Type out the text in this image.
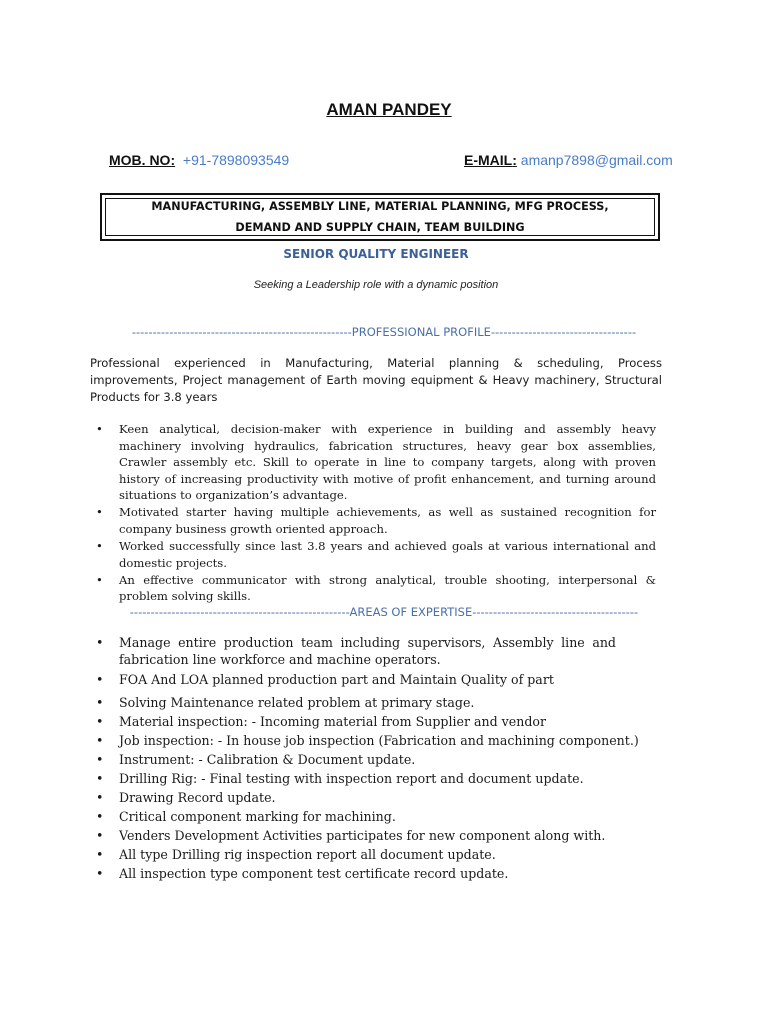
AMAN PANDEY
MOB. NO: +91-7898093549	E-MAIL: amanp7898@gmail.com
MANUFACTURING, ASSEMBLY LINE, MATERIAL PLANNING, MFG PROCESS,
DEMAND AND SUPPLY CHAIN, TEAM BUILDING
SENIOR QUALITY ENGINEER
Seeking a Leadership role with a dynamic position
-----------------------------------------------------PROFESSIONAL PROFILE-----------------------------------
Professional experienced in Manufacturing, Material planning & scheduling, Process improvements, Project management of Earth moving equipment & Heavy machinery, Structural Products for 3.8 years
• Keen analytical, decision-maker with experience in building and assembly heavy machinery involving hydraulics, fabrication structures, heavy gear box assemblies, Crawler assembly etc. Skill to operate in line to company targets, along with proven history of increasing productivity with motive of profit enhancement, and turning around situations to organization’s advantage.
• Motivated starter having multiple achievements, as well as sustained recognition for company business growth oriented approach.
• Worked successfully since last 3.8 years and achieved goals at various international and domestic projects.
• An effective communicator with strong analytical, trouble shooting, interpersonal & problem solving skills.
-----------------------------------------------------AREAS OF EXPERTISE----------------------------------------
• Manage entire production team including supervisors, Assembly line and fabrication line workforce and machine operators.
• FOA And LOA planned production part and Maintain Quality of part
• Solving Maintenance related problem at primary stage.
• Material inspection: - Incoming material from Supplier and vendor
• Job inspection: - In house job inspection (Fabrication and machining component.)
• Instrument: - Calibration & Document update.
• Drilling Rig: - Final testing with inspection report and document update.
• Drawing Record update.
• Critical component marking for machining.
• Venders Development Activities participates for new component along with.
• All type Drilling rig inspection report all document update.
• All inspection type component test certificate record update.
